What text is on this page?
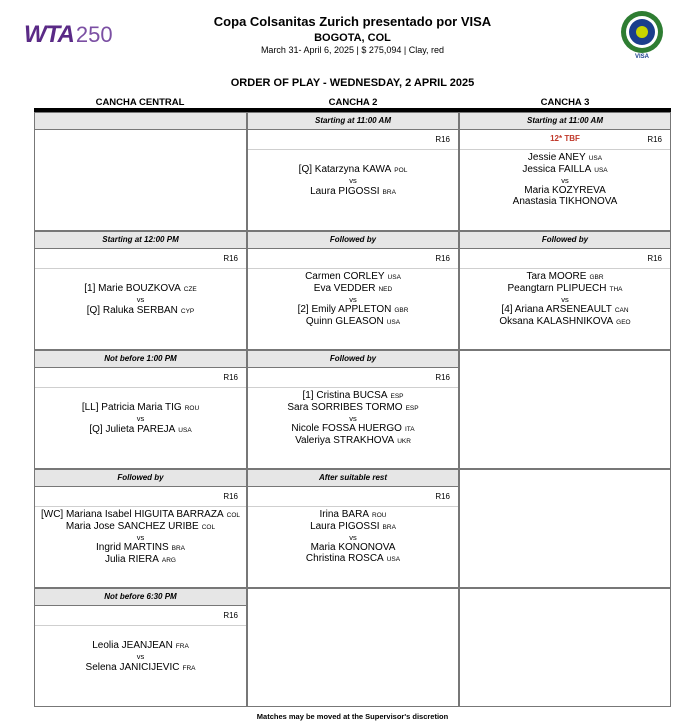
WTA 250
Copa Colsanitas Zurich presentado por VISA
BOGOTA, COL
March 31- April 6, 2025 | $ 275,094 | Clay, red
VISA
ORDER OF PLAY - WEDNESDAY, 2 APRIL 2025
CANCHA CENTRAL	CANCHA 2	CANCHA 3
Starting at 11:00 AM
R16
[Q] Katarzyna KAWA POL
vs
Laura PIGOSSI BRA
Starting at 11:00 AM
12* TBF	R16
Jessie ANEY USA
Jessica FAILLA USA
vs
Maria KOZYREVA
Anastasia TIKHONOVA
Starting at 12:00 PM
R16
[1] Marie BOUZKOVA CZE
vs
[Q] Raluka SERBAN CYP
Followed by
R16
Carmen CORLEY USA
Eva VEDDER NED
vs
[2] Emily APPLETON GBR
Quinn GLEASON USA
Followed by
R16
Tara MOORE GBR
Peangtarn PLIPUECH THA
vs
[4] Ariana ARSENEAULT CAN
Oksana KALASHNIKOVA GEO
Not before 1:00 PM
R16
[LL] Patricia Maria TIG ROU
vs
[Q] Julieta PAREJA USA
Followed by
R16
[1] Cristina BUCSA ESP
Sara SORRIBES TORMO ESP
vs
Nicole FOSSA HUERGO ITA
Valeriya STRAKHOVA UKR
Followed by
R16
[WC] Mariana Isabel HIGUITA BARRAZA COL
Maria Jose SANCHEZ URIBE COL
vs
Ingrid MARTINS BRA
Julia RIERA ARG
After suitable rest
R16
Irina BARA ROU
Laura PIGOSSI BRA
vs
Maria KONONOVA
Christina ROSCA USA
Not before 6:30 PM
R16
Leolia JEANJEAN FRA
vs
Selena JANICIJEVIC FRA
Matches may be moved at the Supervisor's discretion
